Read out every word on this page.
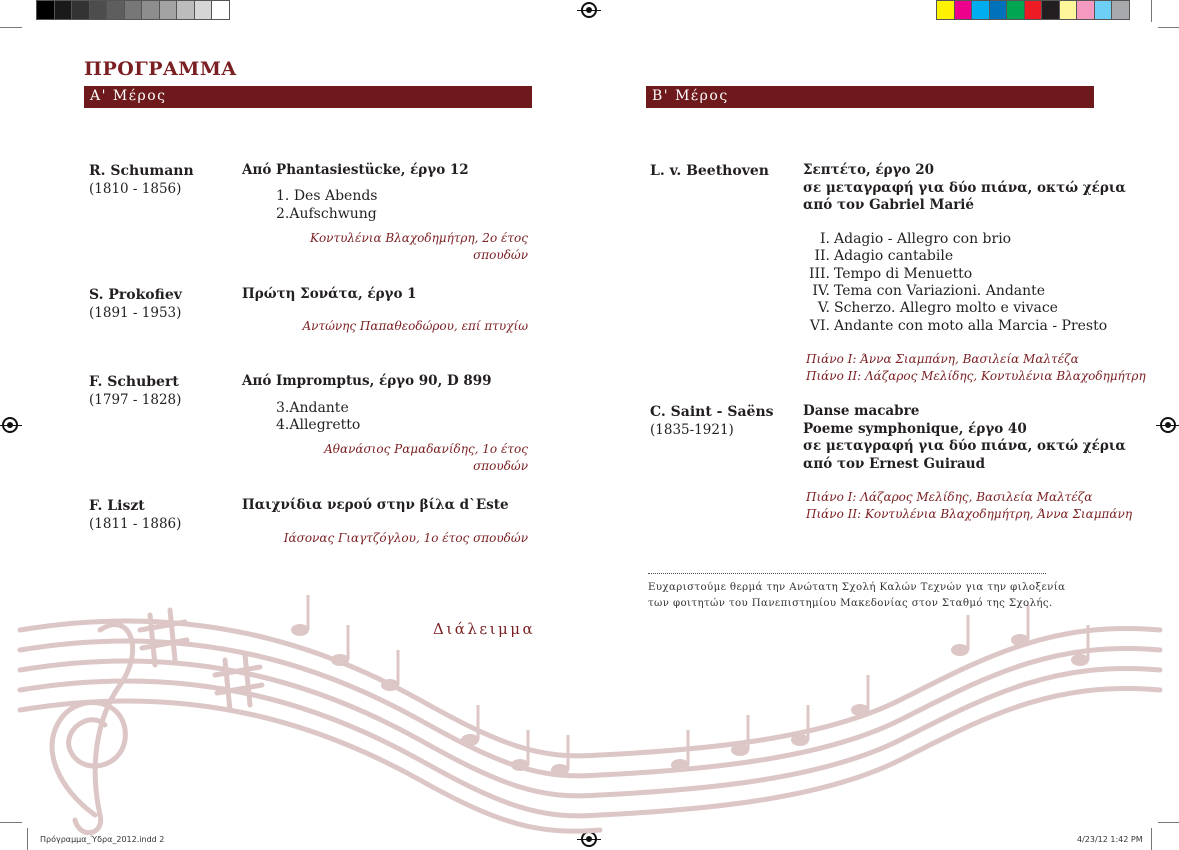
ΠΡΟΓΡΑΜΜΑ
Α' Μέρος
R. Schumann
(1810 - 1856)
Από Phantasiestücke, έργο 12
1. Des Abends
2.Aufschwung
Κοντυλένια Βλαχοδημήτρη, 2ο έτος σπουδών
S. Prokofiev
(1891 - 1953)
Πρώτη Σονάτα, έργο 1
Αντώνης Παπαθεοδώρου, επί πτυχίω
F. Schubert
(1797 - 1828)
Από Impromptus, έργο 90, D 899
3.Andante
4.Allegretto
Αθανάσιος Ραμαδανίδης, 1ο έτος σπουδών
F. Liszt
(1811 - 1886)
Παιχνίδια νερού στην βίλα d`Este
Ιάσονας Γιαγτζόγλου, 1ο έτος σπουδών
Διάλειμμα
Β' Μέρος
L. v. Beethoven	Σεπτέτο, έργο 20
σε μεταγραφή για δύο πιάνα, οκτώ χέρια
από τον Gabriel Marié
I. Adagio - Allegro con brio
II. Adagio cantabile
III. Tempo di Menuetto
IV. Tema con Variazioni. Andante
V. Scherzo. Allegro molto e vivace
VI. Andante con moto alla Marcia - Presto
Πιάνο I: Άννα Σιαμπάνη, Βασιλεία Μαλτέζα
Πιάνο II: Λάζαρος Μελίδης, Κοντυλένια Βλαχοδημήτρη
C. Saint - Saëns
(1835-1921)
Danse macabre
Poeme symphonique, έργο 40
σε μεταγραφή για δύο πιάνα, οκτώ χέρια
από τον Ernest Guiraud
Πιάνο I: Λάζαρος Μελίδης, Βασιλεία Μαλτέζα
Πιάνο II: Κοντυλένια Βλαχοδημήτρη, Άννα Σιαμπάνη
Ευχαριστούμε θερμά την Ανώτατη Σχολή Καλών Τεχνών για την φιλοξενία
των φοιτητών του Πανεπιστημίου Μακεδονίας στον Σταθμό της Σχολής.
Πρόγραμμα_Ύδρα_2012.indd 2	4/23/12 1:42 PM
